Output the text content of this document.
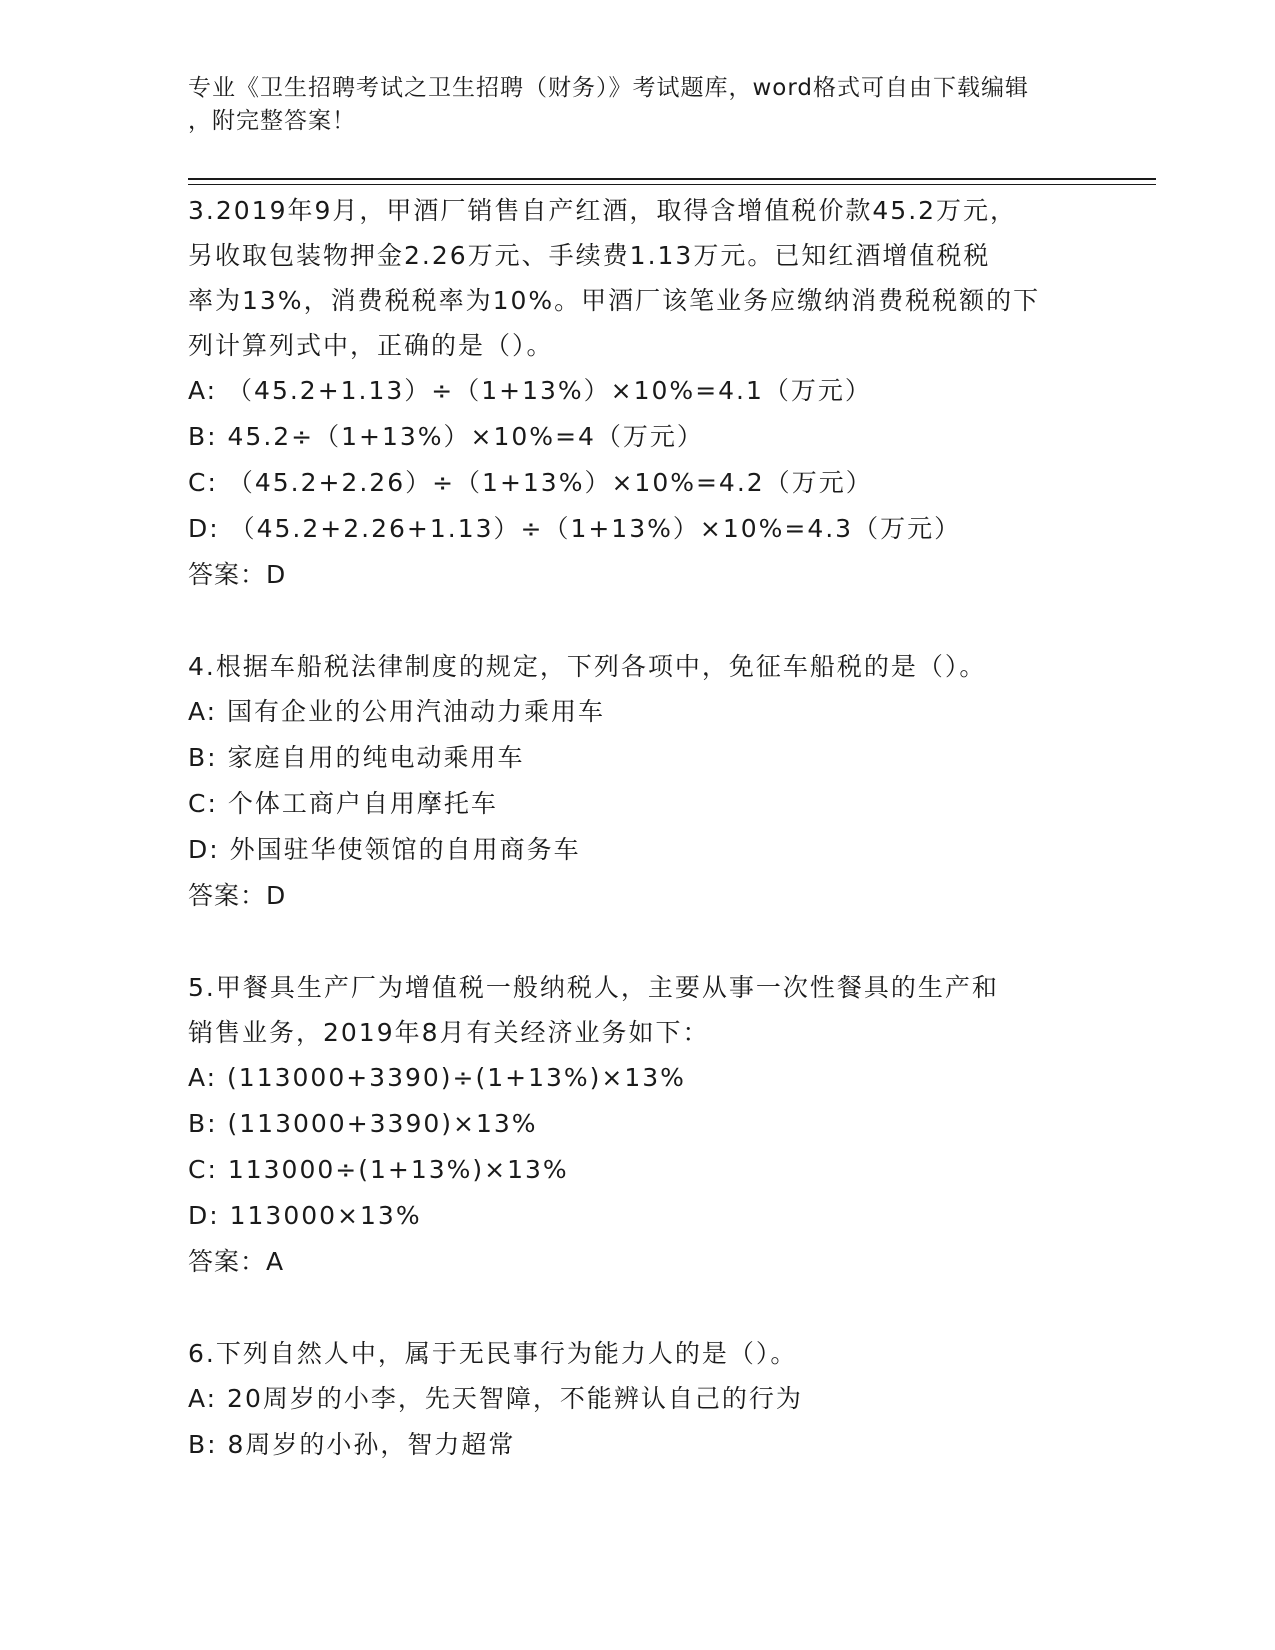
专业《卫生招聘考试之卫生招聘（财务）》考试题库，word格式可自由下载编辑
，附完整答案！

3.2019年9月，甲酒厂销售自产红酒，取得含增值税价款45.2万元，

另收取包装物押金2.26万元、手续费1.13万元。已知红酒增值税税

率为13%，消费税税率为10%。甲酒厂该笔业务应缴纳消费税税额的下

列计算列式中，正确的是（）。

A: （45.2+1.13）÷（1+13%）×10%=4.1（万元）

B: 45.2÷（1+13%）×10%=4（万元）

C: （45.2+2.26）÷（1+13%）×10%=4.2（万元）

D: （45.2+2.26+1.13）÷（1+13%）×10%=4.3（万元）

答案：D

4.根据车船税法律制度的规定，下列各项中，免征车船税的是（）。

A: 国有企业的公用汽油动力乘用车

B: 家庭自用的纯电动乘用车

C: 个体工商户自用摩托车

D: 外国驻华使领馆的自用商务车

答案：D

5.甲餐具生产厂为增值税一般纳税人，主要从事一次性餐具的生产和

销售业务，2019年8月有关经济业务如下：

A: (113000+3390)÷(1+13%)×13%

B: (113000+3390)×13%

C: 113000÷(1+13%)×13%

D: 113000×13%

答案：A

6.下列自然人中，属于无民事行为能力人的是（）。

A: 20周岁的小李，先天智障，不能辨认自己的行为

B: 8周岁的小孙，智力超常
